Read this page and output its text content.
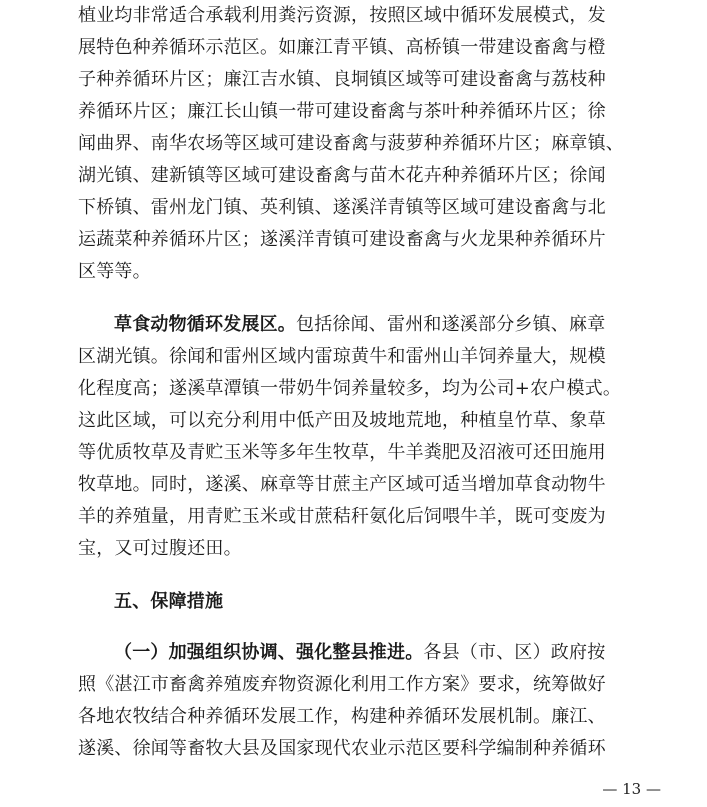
植业均非常适合承载利用粪污资源，按照区域中循环发展模式，发
展特色种养循环示范区。如廉江青平镇、高桥镇一带建设畜禽与橙
子种养循环片区；廉江吉水镇、良垌镇区域等可建设畜禽与荔枝种
养循环片区；廉江长山镇一带可建设畜禽与茶叶种养循环片区；徐
闻曲界、南华农场等区域可建设畜禽与菠萝种养循环片区；麻章镇、
湖光镇、建新镇等区域可建设畜禽与苗木花卉种养循环片区；徐闻
下桥镇、雷州龙门镇、英利镇、遂溪洋青镇等区域可建设畜禽与北
运蔬菜种养循环片区；遂溪洋青镇可建设畜禽与火龙果种养循环片
区等等。
草食动物循环发展区。包括徐闻、雷州和遂溪部分乡镇、麻章
区湖光镇。徐闻和雷州区域内雷琼黄牛和雷州山羊饲养量大，规模
化程度高；遂溪草潭镇一带奶牛饲养量较多，均为公司+农户模式。
这此区域，可以充分利用中低产田及坡地荒地，种植皇竹草、象草
等优质牧草及青贮玉米等多年生牧草，牛羊粪肥及沼液可还田施用
牧草地。同时，遂溪、麻章等甘蔗主产区域可适当增加草食动物牛
羊的养殖量，用青贮玉米或甘蔗秸秆氨化后饲喂牛羊，既可变废为
宝，又可过腹还田。
五、保障措施
（一）加强组织协调、强化整县推进。各县（市、区）政府按
照《湛江市畜禽养殖废弃物资源化利用工作方案》要求，统筹做好
各地农牧结合种养循环发展工作，构建种养循环发展机制。廉江、
遂溪、徐闻等畜牧大县及国家现代农业示范区要科学编制种养循环
— 13 —
